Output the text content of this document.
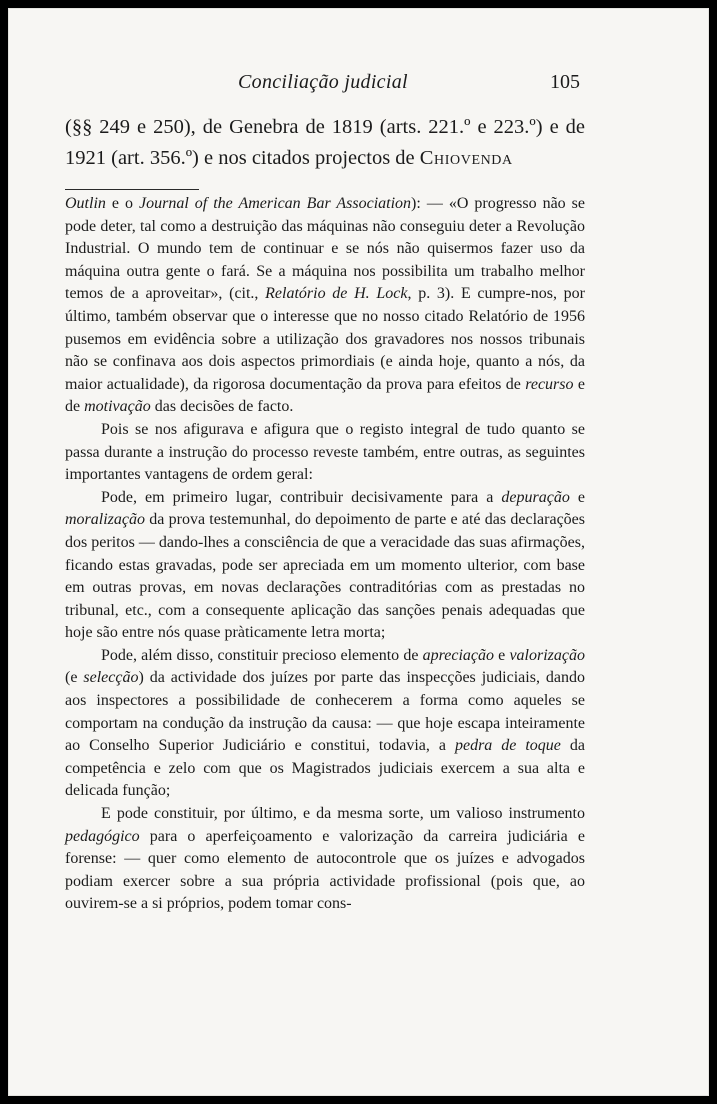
Conciliação judicial	105

(§§ 249 e 250), de Genebra de 1819 (arts. 221.º e 223.º) e de 1921 (art. 356.º) e nos citados projectos de Chiovenda

Outlin e o Journal of the American Bar Association): — «O progresso não se pode deter, tal como a destruição das máquinas não conseguiu deter a Revolução Industrial. O mundo tem de continuar e se nós não quisermos fazer uso da máquina outra gente o fará. Se a máquina nos possibilita um trabalho melhor temos de a aproveitar», (cit., Relatório de H. Lock, p. 3). E cumpre-nos, por último, também observar que o interesse que no nosso citado Relatório de 1956 pusemos em evidência sobre a utilização dos gravadores nos nossos tribunais não se confinava aos dois aspectos primordiais (e ainda hoje, quanto a nós, da maior actualidade), da rigorosa documentação da prova para efeitos de recurso e de motivação das decisões de facto.

Pois se nos afigurava e afigura que o registo integral de tudo quanto se passa durante a instrução do processo reveste também, entre outras, as seguintes importantes vantagens de ordem geral:

Pode, em primeiro lugar, contribuir decisivamente para a depuração e moralização da prova testemunhal, do depoimento de parte e até das declarações dos peritos — dando-lhes a consciência de que a veracidade das suas afirmações, ficando estas gravadas, pode ser apreciada em um momento ulterior, com base em outras provas, em novas declarações contraditórias com as prestadas no tribunal, etc., com a consequente aplicação das sanções penais adequadas que hoje são entre nós quase pràticamente letra morta;

Pode, além disso, constituir precioso elemento de apreciação e valorização (e selecção) da actividade dos juízes por parte das inspecções judiciais, dando aos inspectores a possibilidade de conhecerem a forma como aqueles se comportam na condução da instrução da causa: — que hoje escapa inteiramente ao Conselho Superior Judiciário e constitui, todavia, a pedra de toque da competência e zelo com que os Magistrados judiciais exercem a sua alta e delicada função;

E pode constituir, por último, e da mesma sorte, um valioso instrumento pedagógico para o aperfeiçoamento e valorização da carreira judiciária e forense: — quer como elemento de autocontrole que os juízes e advogados podiam exercer sobre a sua própria actividade profissional (pois que, ao ouvirem-se a si próprios, podem tomar cons-
